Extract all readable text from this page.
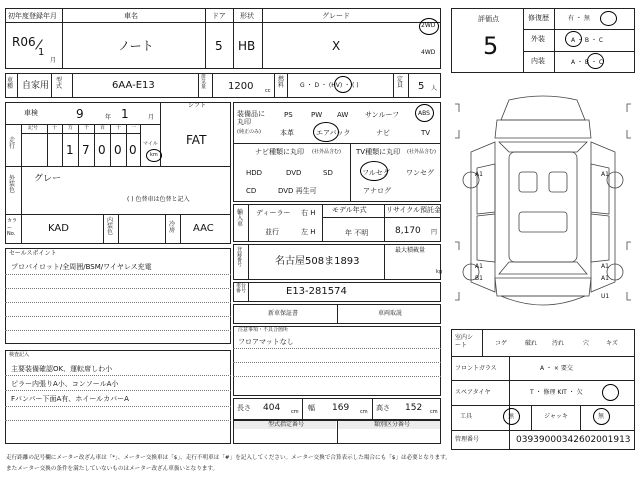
初年度登録年月
R06
1
月
車名
ノート
ドア
5
形状
HB
グレード
X
2WD
4WD
評価点
5
修復歴	有 ・ 無
外装	A ・ B ・ C
内装	A ・ B ・ C
車 種 自家用
型 式	6AA-E13
排 気 量 1200 cc
燃 料	G ・ D ・ (HV) ・ ( )
定 員 5 人
車検	9	年 1	月
シフト
FAT
走 行
記号	十 万 千 百 十 一
1 7 0 0 0 マイル
km
外装色
グレー
( ) 色替車は色替と記入
カラーNo.	KAD
内装色
冷房 AAC
装備品に丸印
(純正のみ)
PS	PW AW サンルーフ	ABS
本革	エアバック	ナビ	TV
ナビ種類に丸印 (社外品含む)
HDD	DVD	SD
CD	DVD 再生可
TV種類に丸印 (社外品含む)
フルセグ ワンセグ
アナログ
輸入車
ディーラー
並行
右 H
左 H
モデル年式
年 不明
リサイクル預託金
8,170 円
登録番号	名古屋508ま1893
最大積載量
kg
車台番号	E13-281574
セールスポイント
プロパイロット/全周囲/BSM/ワイヤレス充電
新車保証書	車両取説
注意事項・不具合箇所
フロアマットなし
検査記入
主要装備確認OK、運転席しわ小
ピラー内張りA小、コンソールA小
Fバンパー下面A有、ホイールカバーA
長さ 404 cm 幅 169 cm 高さ 152 cm
型式指定番号	類別区分番号
A1	A1
A1
B1
A1
A1
U1
室内シート	コゲ	破れ 汚れ	穴	キズ
フロントガラス	A ・ × 要交
スペアタイヤ	T ・ 修理 KIT ・ 欠
工具	無	ジャッキ	無
管理番号	03939000342602001913
走行距離の記号欄にメーター改ざん車は「*」、メーター交換車は「$」、走行不明車は「#」を記入してください。メーター交換で合算表示した場合にも「$」は必要となります。
またメーター交換の条件を満たしていないものはメーター改ざん車扱いとなります。
